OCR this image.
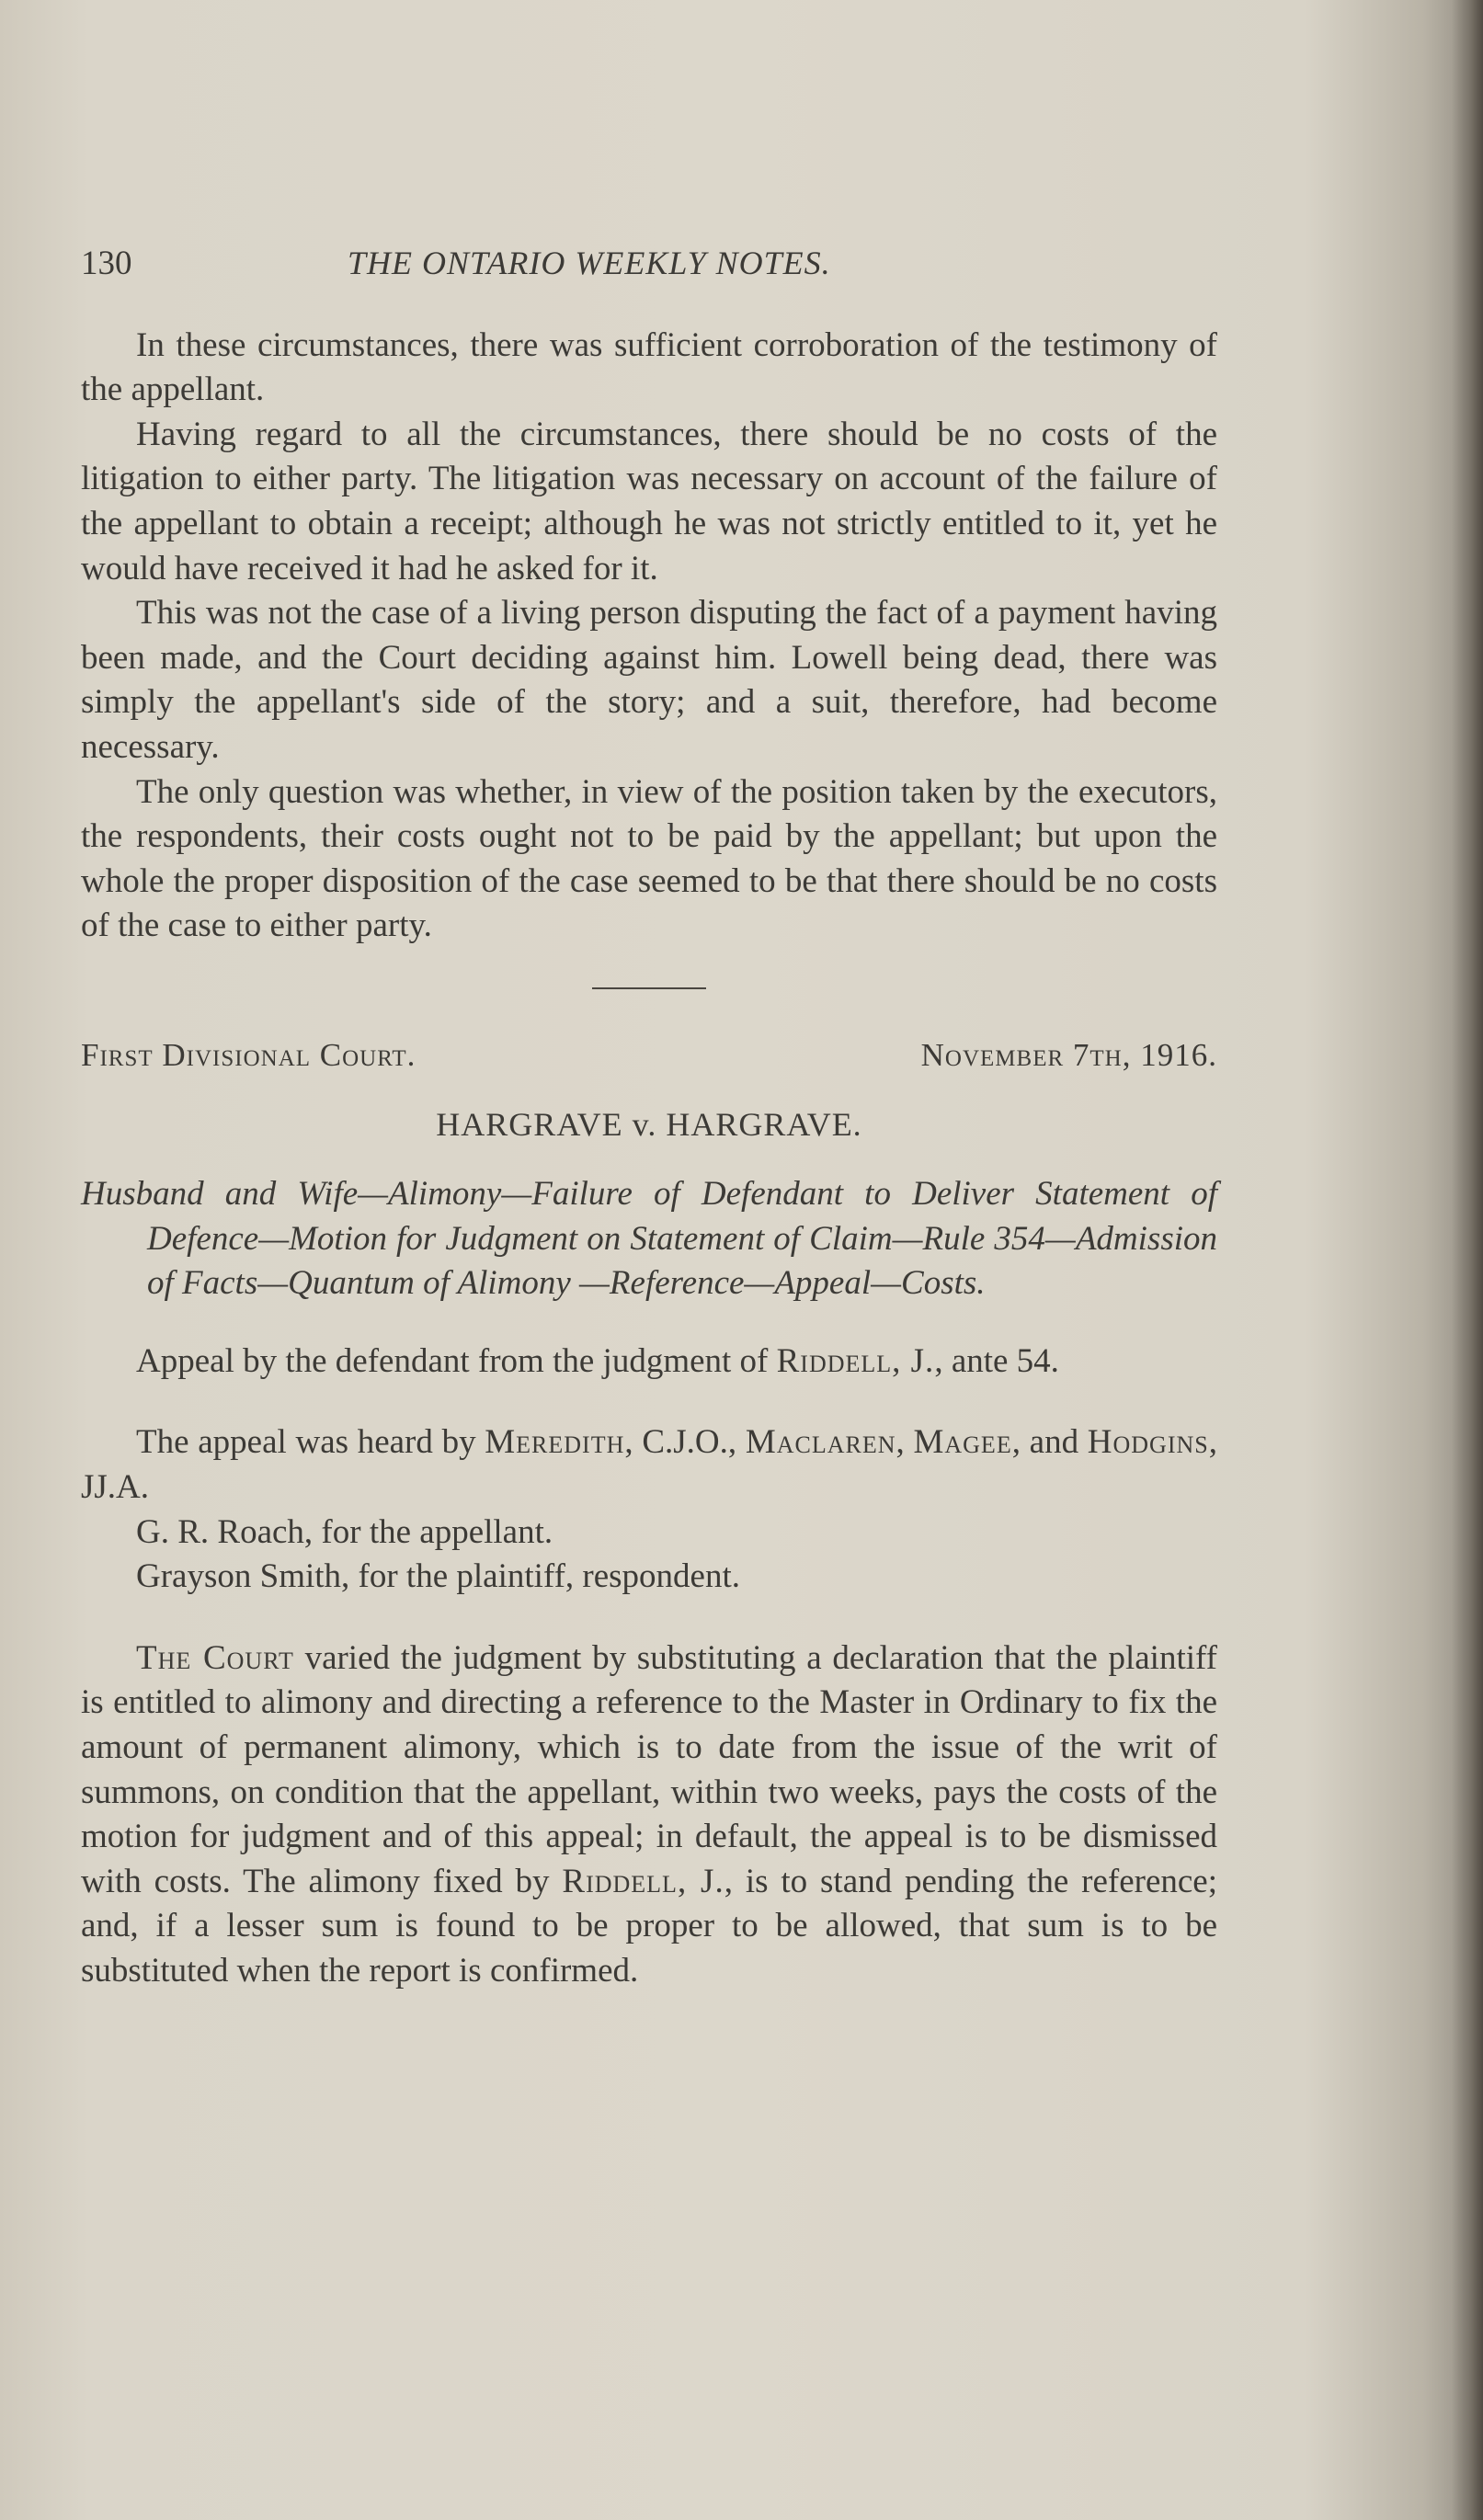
130	THE ONTARIO WEEKLY NOTES.

In these circumstances, there was sufficient corroboration of the testimony of the appellant.

Having regard to all the circumstances, there should be no costs of the litigation to either party. The litigation was necessary on account of the failure of the appellant to obtain a receipt; although he was not strictly entitled to it, yet he would have received it had he asked for it.

This was not the case of a living person disputing the fact of a payment having been made, and the Court deciding against him. Lowell being dead, there was simply the appellant's side of the story; and a suit, therefore, had become necessary.

The only question was whether, in view of the position taken by the executors, the respondents, their costs ought not to be paid by the appellant; but upon the whole the proper disposition of the case seemed to be that there should be no costs of the case to either party.

First Divisional Court.	November 7th, 1916.
HARGRAVE v. HARGRAVE.
Husband and Wife—Alimony—Failure of Defendant to Deliver Statement of Defence—Motion for Judgment on Statement of Claim—Rule 354—Admission of Facts—Quantum of Alimony —Reference—Appeal—Costs.

Appeal by the defendant from the judgment of Riddell, J., ante 54.

The appeal was heard by Meredith, C.J.O., Maclaren, Magee, and Hodgins, JJ.A.

G. R. Roach, for the appellant.

Grayson Smith, for the plaintiff, respondent.

The Court varied the judgment by substituting a declaration that the plaintiff is entitled to alimony and directing a reference to the Master in Ordinary to fix the amount of permanent alimony, which is to date from the issue of the writ of summons, on condition that the appellant, within two weeks, pays the costs of the motion for judgment and of this appeal; in default, the appeal is to be dismissed with costs. The alimony fixed by Riddell, J., is to stand pending the reference; and, if a lesser sum is found to be proper to be allowed, that sum is to be substituted when the report is confirmed.
